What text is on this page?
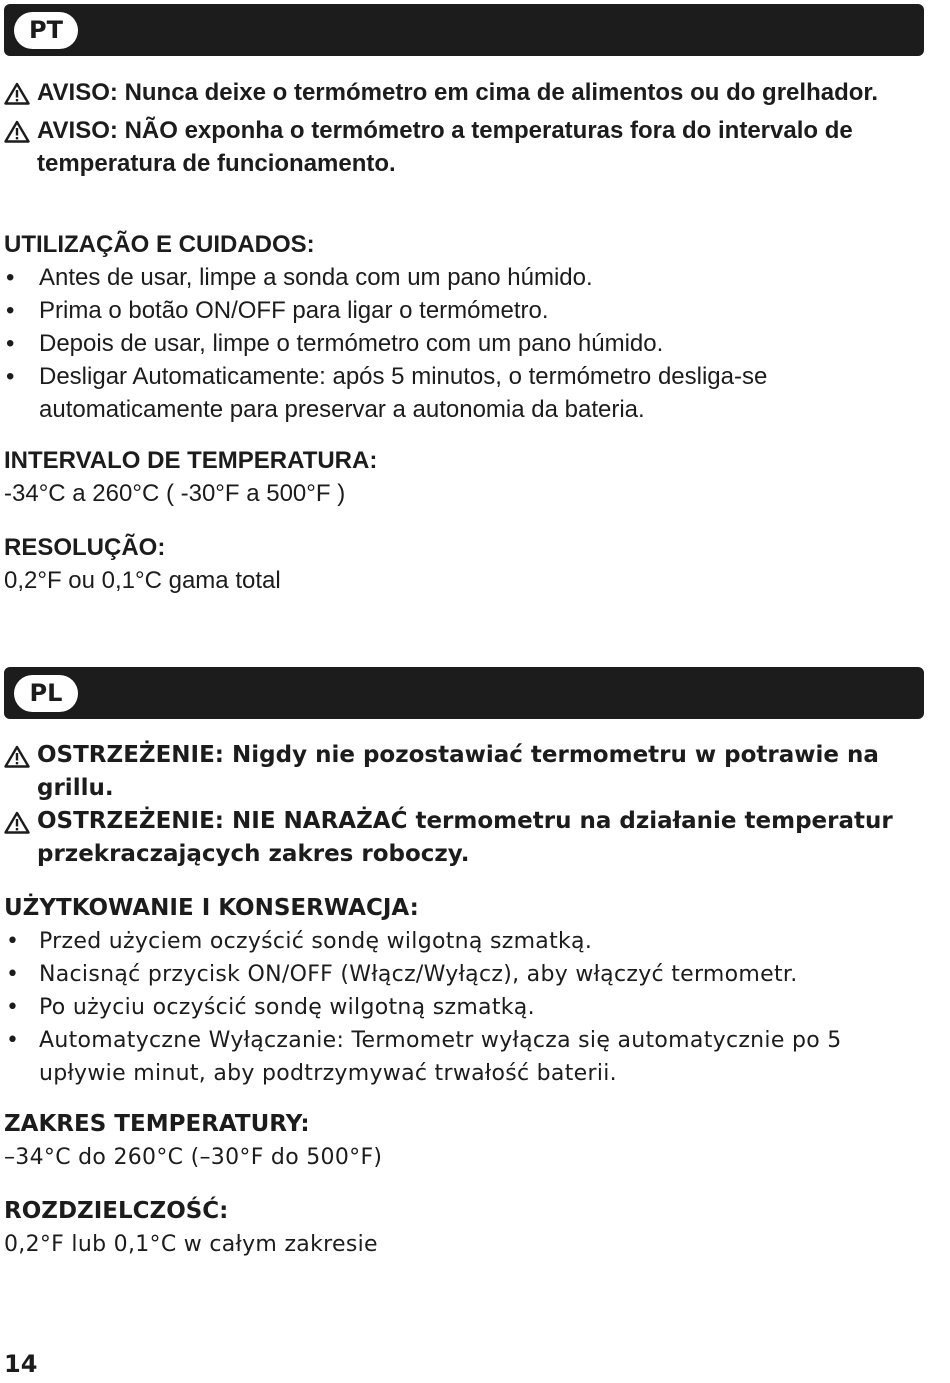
PT
AVISO: Nunca deixe o termómetro em cima de alimentos ou do grelhador.
AVISO: NÃO exponha o termómetro a temperaturas fora do intervalo de temperatura de funcionamento.
UTILIZAÇÃO E CUIDADOS:
•	Antes de usar, limpe a sonda com um pano húmido.
•	Prima o botão ON/OFF para ligar o termómetro.
•	Depois de usar, limpe o termómetro com um pano húmido.
•	Desligar Automaticamente: após 5 minutos, o termómetro desliga-se automaticamente para preservar a autonomia da bateria.
INTERVALO DE TEMPERATURA:
-34°C a 260°C ( -30°F a 500°F )
RESOLUÇÃO:
0,2°F ou 0,1°C gama total
PL
OSTRZEŻENIE: Nigdy nie pozostawiać termometru w potrawie na grillu.
OSTRZEŻENIE: NIE NARAŻAĆ termometru na działanie temperatur przekraczających zakres roboczy.
UŻYTKOWANIE I KONSERWACJA:
• Przed użyciem oczyścić sondę wilgotną szmatką.
• Nacisnąć przycisk ON/OFF (Włącz/Wyłącz), aby włączyć termometr.
• Po użyciu oczyścić sondę wilgotną szmatką.
• Automatyczne Wyłączanie: Termometr wyłącza się automatycznie po 5 upływie minut, aby podtrzymywać trwałość baterii.
ZAKRES TEMPERATURY:
–34°C do 260°C (–30°F do 500°F)
ROZDZIELCZOŚĆ:
0,2°F lub 0,1°C w całym zakresie
14
